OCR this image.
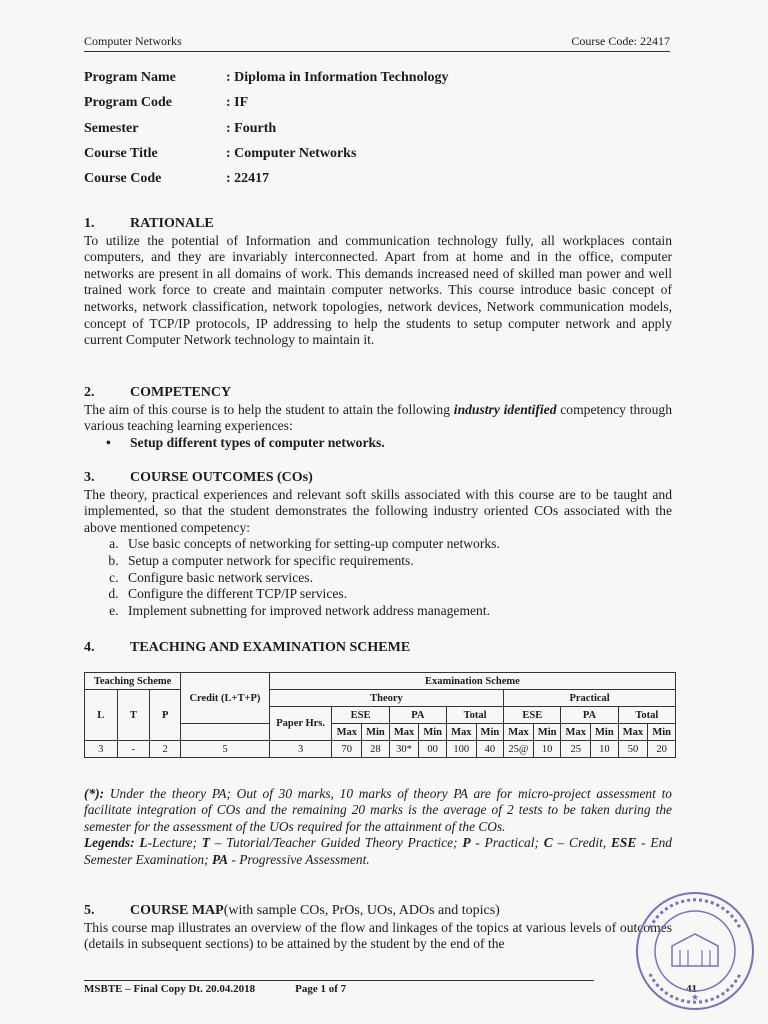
Computer Networks	Course Code: 22417
Program Name	: Diploma in Information Technology
Program Code	: IF
Semester	: Fourth
Course Title	: Computer Networks
Course Code	: 22417
1.	RATIONALE
To utilize the potential of Information and communication technology fully, all workplaces contain computers, and they are invariably interconnected. Apart from at home and in the office, computer networks are present in all domains of work. This demands increased need of skilled man power and well trained work force to create and maintain computer networks. This course introduce basic concept of networks, network classification, network topologies, network devices, Network communication models, concept of TCP/IP protocols, IP addressing to help the students to setup computer network and apply current Computer Network technology to maintain it.
2.	COMPETENCY
The aim of this course is to help the student to attain the following industry identified competency through various teaching learning experiences:
•	Setup different types of computer networks.
3.	COURSE OUTCOMES (COs)
The theory, practical experiences and relevant soft skills associated with this course are to be taught and implemented, so that the student demonstrates the following industry oriented COs associated with the above mentioned competency:
a. Use basic concepts of networking for setting-up computer networks.
b. Setup a computer network for specific requirements.
c. Configure basic network services.
d. Configure the different TCP/IP services.
e. Implement subnetting for improved network address management.
4.	TEACHING AND EXAMINATION SCHEME
Teaching Scheme			Credit (L+T+P)	Examination Scheme												
L	T	P		Theory							Practical					
				Paper Hrs.	ESE		PA		Total		ESE		PA		Total	
					Max	Min	Max	Min	Max	Min	Max	Min	Max	Min	Max	Min
3	-	2	5	3	70	28	30*	00	100	40	25@	10	25	10	50	20
(*): Under the theory PA; Out of 30 marks, 10 marks of theory PA are for micro-project assessment to facilitate integration of COs and the remaining 20 marks is the average of 2 tests to be taken during the semester for the assessment of the UOs required for the attainment of the COs.
Legends: L-Lecture; T – Tutorial/Teacher Guided Theory Practice; P - Practical; C – Credit, ESE - End Semester Examination; PA - Progressive Assessment.
5.	COURSE MAP (with sample COs, PrOs, UOs, ADOs and topics)
This course map illustrates an overview of the flow and linkages of the topics at various levels of outcomes (details in subsequent sections) to be attained by the student by the end of the
MSBTE – Final Copy Dt. 20.04.2018	Page 1 of 7	41
★
